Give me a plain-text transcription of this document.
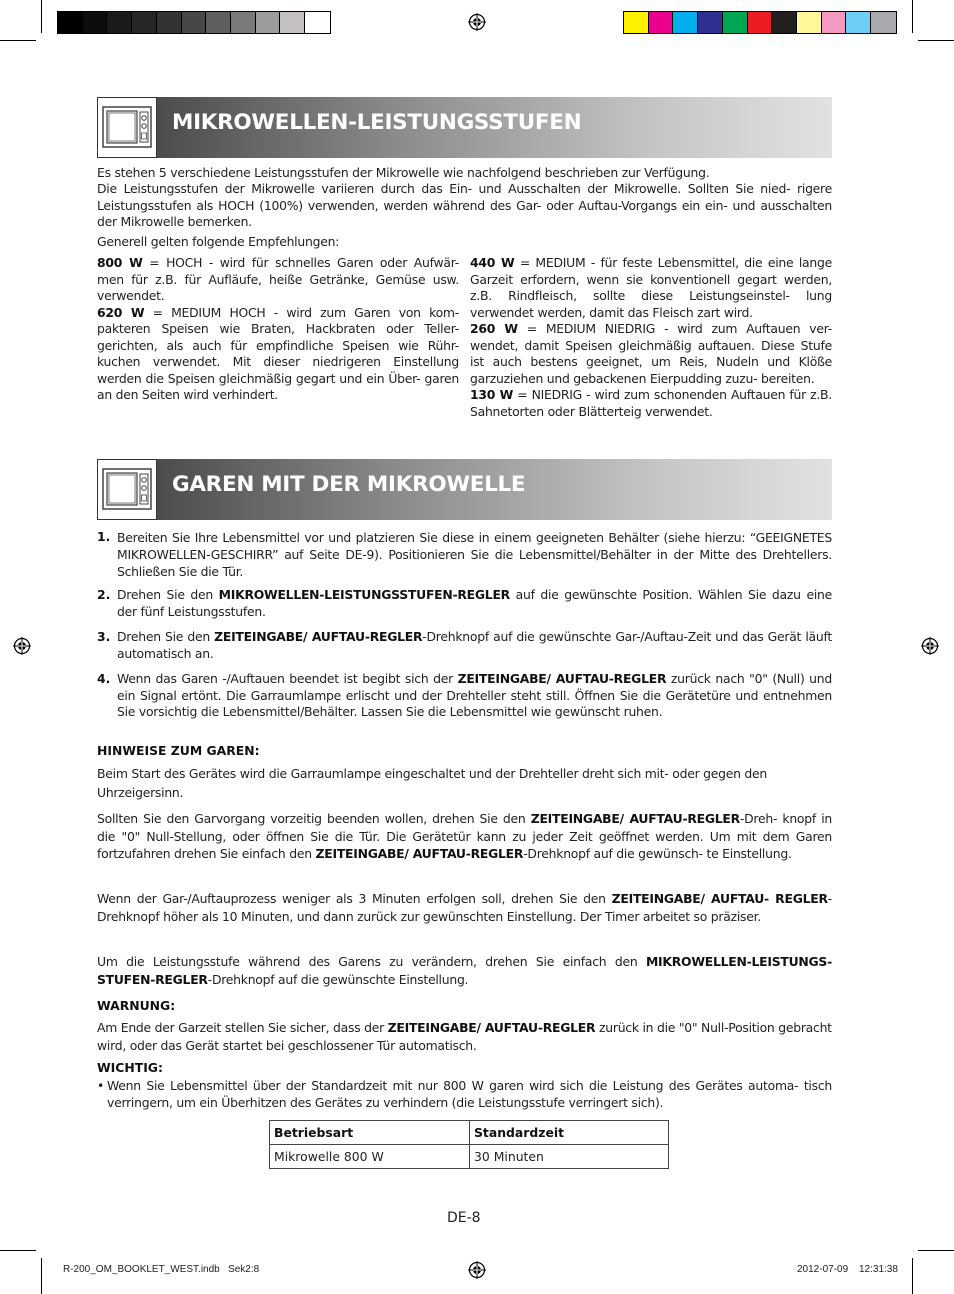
MIKROWELLEN-LEISTUNGSSTUFEN
Es stehen 5 verschiedene Leistungsstufen der Mikrowelle wie nachfolgend beschrieben zur Verfügung.
Die Leistungsstufen der Mikrowelle variieren durch das Ein- und Ausschalten der Mikrowelle. Sollten Sie nied- rigere Leistungsstufen als HOCH (100%) verwenden, werden während des Gar- oder Auftau-Vorgangs ein ein- und ausschalten der Mikrowelle bemerken.
Generell gelten folgende Empfehlungen:
800 W = HOCH - wird für schnelles Garen oder Aufwär- men für z.B. für Aufläufe, heiße Getränke, Gemüse usw. verwendet.
620 W = MEDIUM HOCH - wird zum Garen von kom- pakteren Speisen wie Braten, Hackbraten oder Teller- gerichten, als auch für empfindliche Speisen wie Rühr- kuchen verwendet. Mit dieser niedrigeren Einstellung werden die Speisen gleichmäßig gegart und ein Über- garen an den Seiten wird verhindert.
440 W = MEDIUM - für feste Lebensmittel, die eine lange Garzeit erfordern, wenn sie konventionell gegart werden, z.B. Rindfleisch, sollte diese Leistungseinstel- lung verwendet werden, damit das Fleisch zart wird.
260 W = MEDIUM NIEDRIG - wird zum Auftauen ver- wendet, damit Speisen gleichmäßig auftauen. Diese Stufe ist auch bestens geeignet, um Reis, Nudeln und Klöße garzuziehen und gebackenen Eierpudding zuzu- bereiten.
130 W = NIEDRIG - wird zum schonenden Auftauen für z.B. Sahnetorten oder Blätterteig verwendet.
GAREN MIT DER MIKROWELLE
1. Bereiten Sie Ihre Lebensmittel vor und platzieren Sie diese in einem geeigneten Behälter (siehe hierzu: “GEEIGNETES MIKROWELLEN-GESCHIRR” auf Seite DE-9). Positionieren Sie die Lebensmittel/Behälter in der Mitte des Drehtellers. Schließen Sie die Tür.
2. Drehen Sie den MIKROWELLEN-LEISTUNGSSTUFEN-REGLER auf die gewünschte Position. Wählen Sie dazu eine der fünf Leistungsstufen.
3. Drehen Sie den ZEITEINGABE/ AUFTAU-REGLER-Drehknopf auf die gewünschte Gar-/Auftau-Zeit und das Gerät läuft automatisch an.
4. Wenn das Garen -/Auftauen beendet ist begibt sich der ZEITEINGABE/ AUFTAU-REGLER zurück nach "0" (Null) und ein Signal ertönt. Die Garraumlampe erlischt und der Drehteller steht still. Öffnen Sie die Gerätetüre und entnehmen Sie vorsichtig die Lebensmittel/Behälter. Lassen Sie die Lebensmittel wie gewünscht ruhen.
HINWEISE ZUM GAREN:
Beim Start des Gerätes wird die Garraumlampe eingeschaltet und der Drehteller dreht sich mit- oder gegen den Uhrzeigersinn.
Sollten Sie den Garvorgang vorzeitig beenden wollen, drehen Sie den ZEITEINGABE/ AUFTAU-REGLER-Dreh- knopf in die "0" Null-Stellung, oder öffnen Sie die Tür. Die Gerätetür kann zu jeder Zeit geöffnet werden. Um mit dem Garen fortzufahren drehen Sie einfach den ZEITEINGABE/ AUFTAU-REGLER-Drehknopf auf die gewünsch- te Einstellung.
Wenn der Gar-/Auftauprozess weniger als 3 Minuten erfolgen soll, drehen Sie den ZEITEINGABE/ AUFTAU- REGLER-Drehknopf höher als 10 Minuten, und dann zurück zur gewünschten Einstellung. Der Timer arbeitet so präziser.
Um die Leistungsstufe während des Garens zu verändern, drehen Sie einfach den MIKROWELLEN-LEISTUNGS- STUFEN-REGLER-Drehknopf auf die gewünschte Einstellung.
WARNUNG:
Am Ende der Garzeit stellen Sie sicher, dass der ZEITEINGABE/ AUFTAU-REGLER zurück in die "0" Null-Position gebracht wird, oder das Gerät startet bei geschlossener Tür automatisch.
WICHTIG:
• Wenn Sie Lebensmittel über der Standardzeit mit nur 800 W garen wird sich die Leistung des Gerätes automa- tisch verringern, um ein Überhitzen des Gerätes zu verhindern (die Leistungsstufe verringert sich).
Betriebsart	Standardzeit
Mikrowelle 800 W	30 Minuten
DE-8
R-200_OM_BOOKLET_WEST.indb   Sek2:8	2012-07-09 12:31:38
